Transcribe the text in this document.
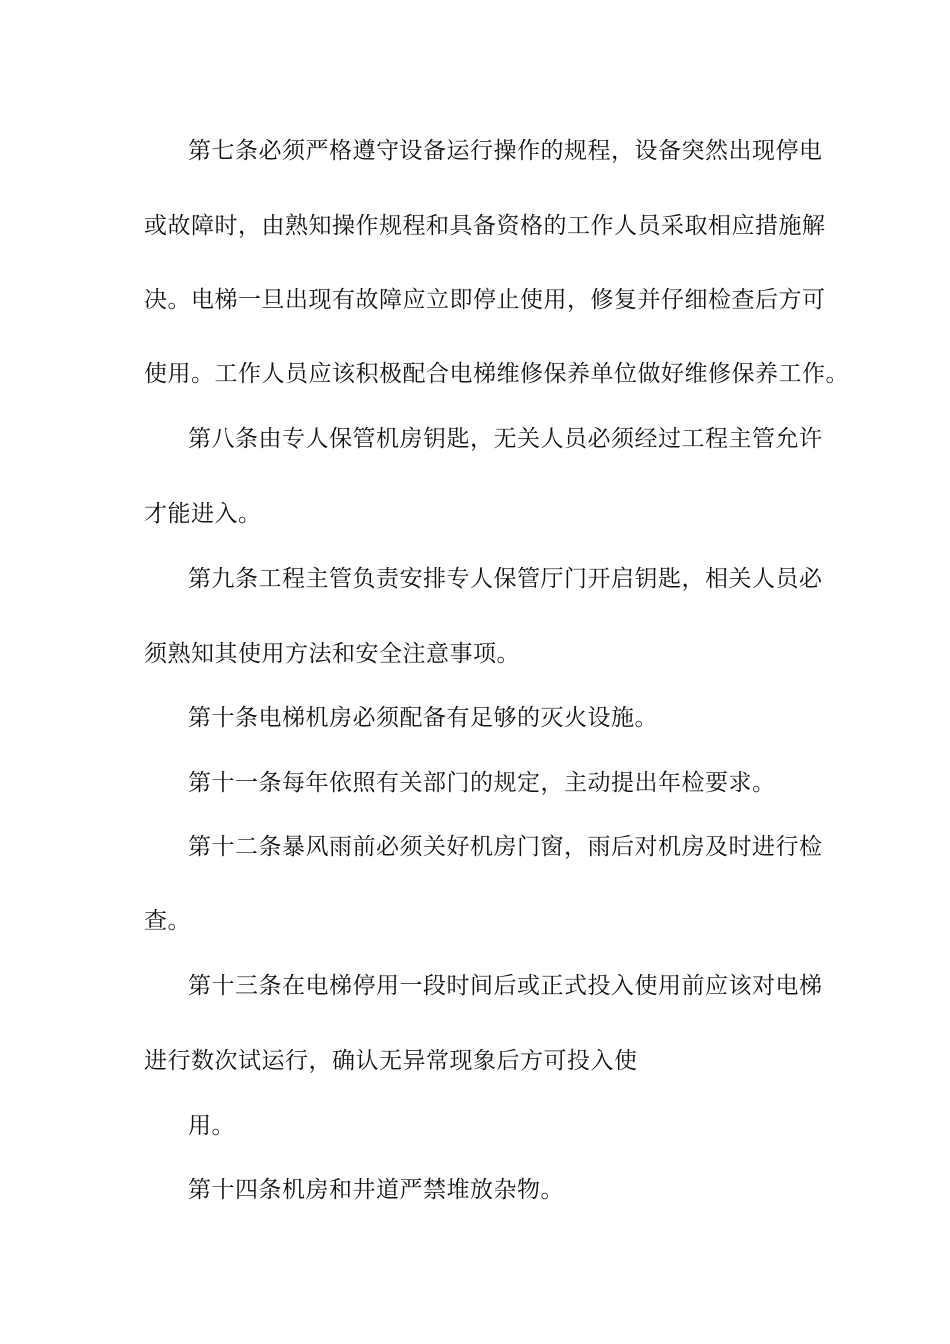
第七条必须严格遵守设备运行操作的规程，设备突然出现停电
或故障时，由熟知操作规程和具备资格的工作人员采取相应措施解
决。电梯一旦出现有故障应立即停止使用，修复并仔细检查后方可
使用。工作人员应该积极配合电梯维修保养单位做好维修保养工作。
第八条由专人保管机房钥匙，无关人员必须经过工程主管允许
才能进入。
第九条工程主管负责安排专人保管厅门开启钥匙，相关人员必
须熟知其使用方法和安全注意事项。
第十条电梯机房必须配备有足够的灭火设施。
第十一条每年依照有关部门的规定，主动提出年检要求。
第十二条暴风雨前必须关好机房门窗，雨后对机房及时进行检
查。
第十三条在电梯停用一段时间后或正式投入使用前应该对电梯
进行数次试运行，确认无异常现象后方可投入使
用。
第十四条机房和井道严禁堆放杂物。
